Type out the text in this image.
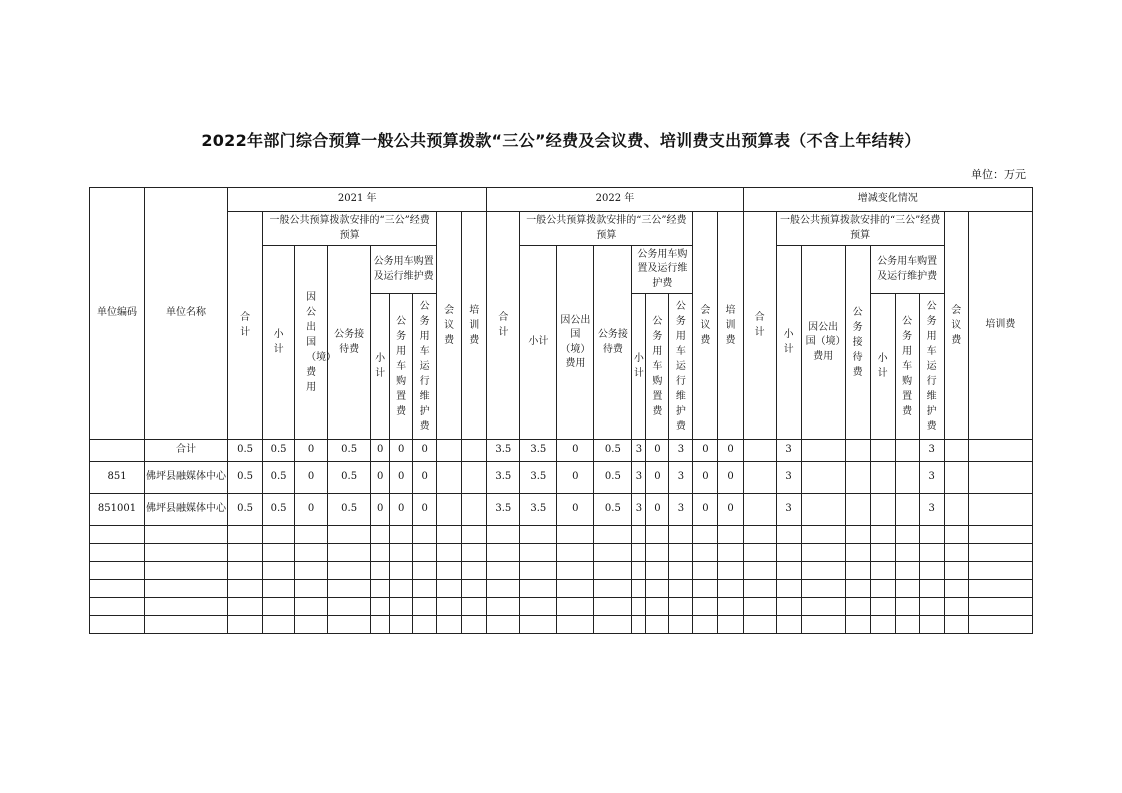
2022年部门综合预算一般公共预算拨款“三公”经费及会议费、培训费支出预算表（不含上年结转）
单位：万元
单位编码	单位名称	2021 年									2022 年									增减变化情况								
		合计	一般公共预算拨款安排的“三公”经费预算						会议费	培训费	合计	一般公共预算拨款安排的“三公”经费预算						会议费	培训费	合计	一般公共预算拨款安排的“三公”经费预算						会议费	培训费

			小计	因公出国（境）费用	公务接待费	公务用车购置及运行维护费						小计	因公出国（境）费用	公务接待费	公务用车购置及运行维护费						小计	因公出国（境）费用	公务接待费	公务用车购置及运行维护费				

						小计	公务用车购置费	公务用车运行维护费							小计	公务用车购置费	公务用车运行维护费							小计	公务用车购置费	公务用车运行维护费		

	合计	0.5	0.5	0	0.5	0	0	0			3.5	3.5	0	0.5	3	0	3	0	0		3					3		
851	佛坪县融媒体中心	0.5	0.5	0	0.5	0	0	0			3.5	3.5	0	0.5	3	0	3	0	0		3					3		
851001	佛坪县融媒体中心	0.5	0.5	0	0.5	0	0	0			3.5	3.5	0	0.5	3	0	3	0	0		3					3		
